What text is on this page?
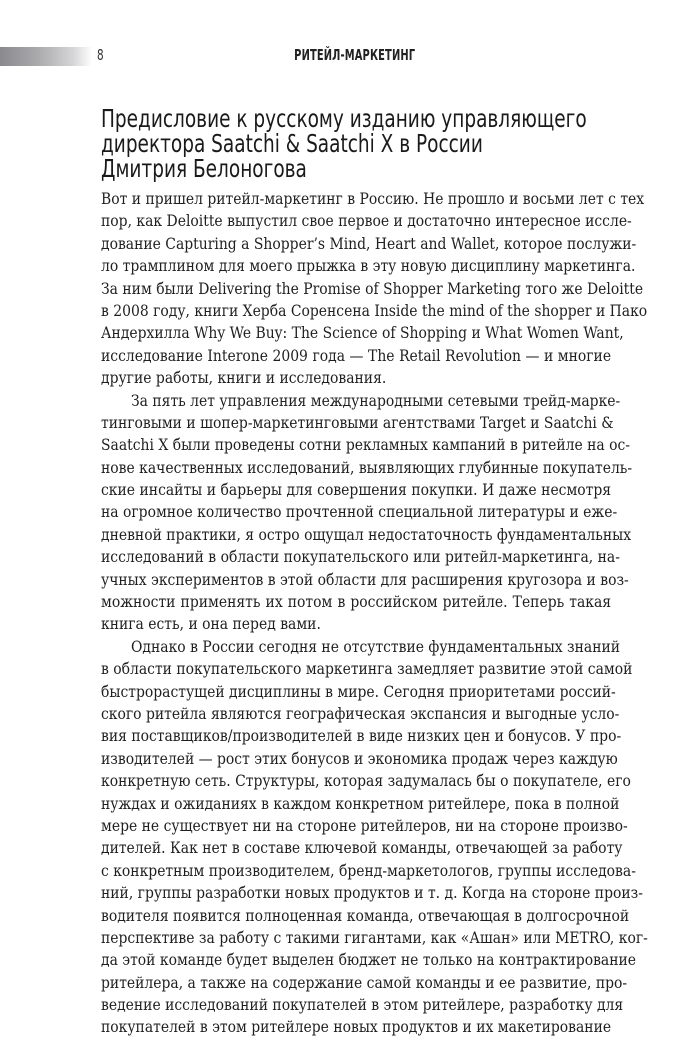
8	РИТЕЙЛ-МАРКЕТИНГ
Предисловие к русскому изданию управляющего
директора Saatchi & Saatchi X в России
Дмитрия Белоногова
Вот и пришел ритейл-маркетинг в Россию. Не прошло и восьми лет с тех
пор, как Deloitte выпустил свое первое и достаточно интересное иссле-
дование Capturing a Shopper’s Mind, Heart and Wallet, которое послужи-
ло трамплином для моего прыжка в эту новую дисциплину маркетинга.
За ним были Delivering the Promise of Shopper Marketing того же Deloitte
в 2008 году, книги Херба Соренсена Inside the mind of the shopper и Пако
Андерхилла Why We Buy: The Science of Shopping и What Women Want,
исследование Interone 2009 года — The Retail Revolution — и многие
другие работы, книги и исследования.
За пять лет управления международными сетевыми трейд-марке-
тинговыми и шопер-маркетинговыми агентствами Target и Saatchi &
Saatchi X были проведены сотни рекламных кампаний в ритейле на ос-
нове качественных исследований, выявляющих глубинные покупатель-
ские инсайты и барьеры для совершения покупки. И даже несмотря
на огромное количество прочтенной специальной литературы и еже-
дневной практики, я остро ощущал недостаточность фундаментальных
исследований в области покупательского или ритейл-маркетинга, на-
учных экспериментов в этой области для расширения кругозора и воз-
можности применять их потом в российском ритейле. Теперь такая
книга есть, и она перед вами.
Однако в России сегодня не отсутствие фундаментальных знаний
в области покупательского маркетинга замедляет развитие этой самой
быстрорастущей дисциплины в мире. Сегодня приоритетами россий-
ского ритейла являются географическая экспансия и выгодные усло-
вия поставщиков/производителей в виде низких цен и бонусов. У про-
изводителей — рост этих бонусов и экономика продаж через каждую
конкретную сеть. Структуры, которая задумалась бы о покупателе, его
нуждах и ожиданиях в каждом конкретном ритейлере, пока в полной
мере не существует ни на стороне ритейлеров, ни на стороне произво-
дителей. Как нет в составе ключевой команды, отвечающей за работу
с конкретным производителем, бренд-маркетологов, группы исследова-
ний, группы разработки новых продуктов и т. д. Когда на стороне произ-
водителя появится полноценная команда, отвечающая в долгосрочной
перспективе за работу с такими гигантами, как «Ашан» или METRO, ког-
да этой команде будет выделен бюджет не только на контрактирование
ритейлера, а также на содержание самой команды и ее развитие, про-
ведение исследований покупателей в этом ритейлере, разработку для
покупателей в этом ритейлере новых продуктов и их макетирование
